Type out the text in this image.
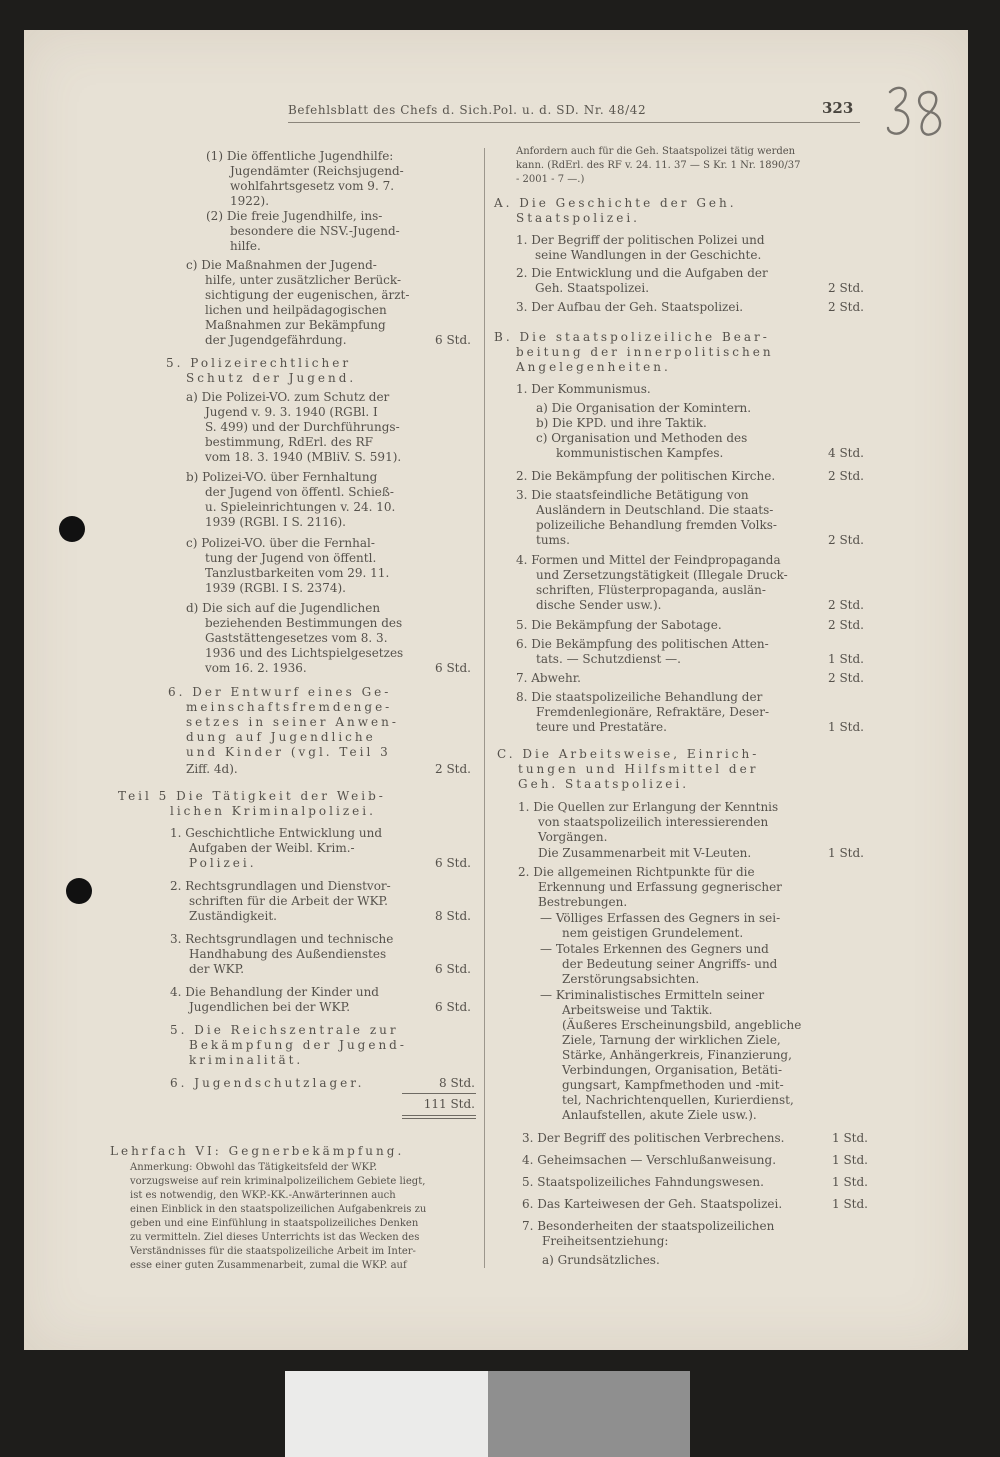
Befehlsblatt des Chefs d. Sich.Pol. u. d. SD. Nr. 48/42	323
(1) Die öffentliche Jugendhilfe:
Jugendämter (Reichsjugend-
wohlfahrtsgesetz vom 9. 7.
1922).
(2) Die freie Jugendhilfe, ins-
besondere die NSV.-Jugend-
hilfe.
c) Die Maßnahmen der Jugend-
hilfe, unter zusätzlicher Berück-
sichtigung der eugenischen, ärzt-
lichen und heilpädagogischen
Maßnahmen zur Bekämpfung
der Jugendgefährdung.	6 Std.
5. Polizeirechtlicher
Schutz der Jugend.
a) Die Polizei-VO. zum Schutz der
Jugend v. 9. 3. 1940 (RGBl. I
S. 499) und der Durchführungs-
bestimmung, RdErl. des RF
vom 18. 3. 1940 (MBliV. S. 591).
b) Polizei-VO. über Fernhaltung
der Jugend von öffentl. Schieß-
u. Spieleinrichtungen v. 24. 10.
1939 (RGBl. I S. 2116).
c) Polizei-VO. über die Fernhal-
tung der Jugend von öffentl.
Tanzlustbarkeiten vom 29. 11.
1939 (RGBl. I S. 2374).
d) Die sich auf die Jugendlichen
beziehenden Bestimmungen des
Gaststättengesetzes vom 8. 3.
1936 und des Lichtspielgesetzes
vom 16. 2. 1936.	6 Std.
6. Der Entwurf eines Ge-
meinschaftsfremdenge-
setzes in seiner Anwen-
dung auf Jugendliche
und Kinder (vgl. Teil 3
Ziff. 4d).	2 Std.
Teil 5 Die Tätigkeit der Weib-
lichen Kriminalpolizei.
1. Geschichtliche Entwicklung und
Aufgaben der Weibl. Krim.-
Polizei.	6 Std.
2. Rechtsgrundlagen und Dienstvor-
schriften für die Arbeit der WKP.
Zuständigkeit.	8 Std.
3. Rechtsgrundlagen und technische
Handhabung des Außendienstes
der WKP.	6 Std.
4. Die Behandlung der Kinder und
Jugendlichen bei der WKP.	6 Std.
5. Die Reichszentrale zur
Bekämpfung der Jugend-
kriminalität.
6. Jugendschutzlager.	8 Std.
111 Std.
Lehrfach VI: Gegnerbekämpfung.
Anmerkung: Obwohl das Tätigkeitsfeld der WKP.
vorzugsweise auf rein kriminalpolizeilichem Gebiete liegt,
ist es notwendig, den WKP.-KK.-Anwärterinnen auch
einen Einblick in den staatspolizeilichen Aufgabenkreis zu
geben und eine Einfühlung in staatspolizeiliches Denken
zu vermitteln. Ziel dieses Unterrichts ist das Wecken des
Verständnisses für die staatspolizeiliche Arbeit im Inter-
esse einer guten Zusammenarbeit, zumal die WKP. auf
Anfordern auch für die Geh. Staatspolizei tätig werden
kann. (RdErl. des RF v. 24. 11. 37 — S Kr. 1 Nr. 1890/37
- 2001 - 7 —.)
A. Die Geschichte der Geh.
Staatspolizei.
1. Der Begriff der politischen Polizei und
seine Wandlungen in der Geschichte.
2. Die Entwicklung und die Aufgaben der
Geh. Staatspolizei.	2 Std.
3. Der Aufbau der Geh. Staatspolizei.	2 Std.
B. Die staatspolizeiliche Bear-
beitung der innerpolitischen
Angelegenheiten.
1. Der Kommunismus.
a) Die Organisation der Komintern.
b) Die KPD. und ihre Taktik.
c) Organisation und Methoden des
kommunistischen Kampfes.	4 Std.
2. Die Bekämpfung der politischen Kirche.	2 Std.
3. Die staatsfeindliche Betätigung von
Ausländern in Deutschland. Die staats-
polizeiliche Behandlung fremden Volks-
tums.	2 Std.
4. Formen und Mittel der Feindpropaganda
und Zersetzungstätigkeit (Illegale Druck-
schriften, Flüsterpropaganda, auslän-
dische Sender usw.).	2 Std.
5. Die Bekämpfung der Sabotage.	2 Std.
6. Die Bekämpfung des politischen Atten-
tats. — Schutzdienst —.	1 Std.
7. Abwehr.	2 Std.
8. Die staatspolizeiliche Behandlung der
Fremdenlegionäre, Refraktäre, Deser-
teure und Prestatäre.	1 Std.
C. Die Arbeitsweise, Einrich-
tungen und Hilfsmittel der
Geh. Staatspolizei.
1. Die Quellen zur Erlangung der Kenntnis
von staatspolizeilich interessierenden
Vorgängen.
Die Zusammenarbeit mit V-Leuten.	1 Std.
2. Die allgemeinen Richtpunkte für die
Erkennung und Erfassung gegnerischer
Bestrebungen.
— Völliges Erfassen des Gegners in sei-
nem geistigen Grundelement.
— Totales Erkennen des Gegners und
der Bedeutung seiner Angriffs- und
Zerstörungsabsichten.
— Kriminalistisches Ermitteln seiner
Arbeitsweise und Taktik.
(Äußeres Erscheinungsbild, angebliche
Ziele, Tarnung der wirklichen Ziele,
Stärke, Anhängerkreis, Finanzierung,
Verbindungen, Organisation, Betäti-
gungsart, Kampfmethoden und -mit-
tel, Nachrichtenquellen, Kurierdienst,
Anlaufstellen, akute Ziele usw.).
3. Der Begriff des politischen Verbrechens.	1 Std.
4. Geheimsachen — Verschlußanweisung.	1 Std.
5. Staatspolizeiliches Fahndungswesen.	1 Std.
6. Das Karteiwesen der Geh. Staatspolizei.	1 Std.
7. Besonderheiten der staatspolizeilichen
Freiheitsentziehung:
a) Grundsätzliches.
